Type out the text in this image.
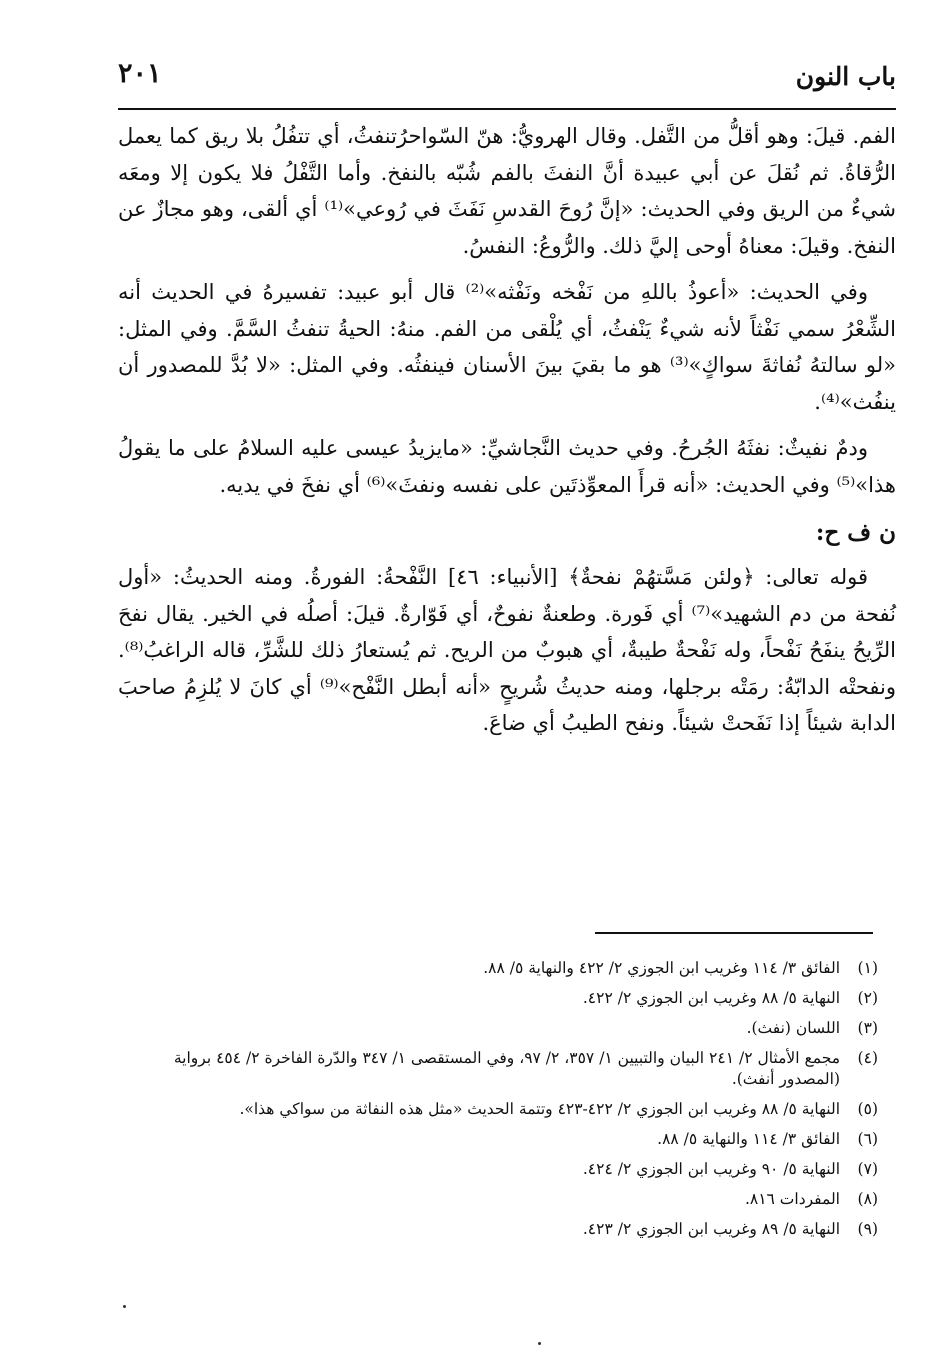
باب النون
٢٠١

الفم. قيلَ: وهو أقلُّ من التَّفل. وقال الهرويُّ: هنّ السّواحرُتنفثُ، أي تتفُلُ بلا ريق كما يعمل الرُّقاةُ. ثم نُقلَ عن أبي عبيدة أنَّ النفثَ بالفم شُبّه بالنفخ. وأما التَّفْلُ فلا يكون إلا ومعَه شيءٌ من الريق وفي الحديث: «إنَّ رُوحَ القدسِ نَفَثَ في رُوعي»⁽¹⁾ أي ألقى، وهو مجازٌ عن النفخ. وقيلَ: معناهُ أوحى إليَّ ذلك. والرُّوعُ: النفسُ.

وفي الحديث: «أعوذُ باللهِ من نَفْخه ونَفْثه»⁽²⁾ قال أبو عبيد: تفسيرهُ في الحديث أنه الشِّعْرُ سمي نَفْثاً لأنه شيءٌ يَنْفثُ، أي يُلْقى من الفم. منهُ: الحيةُ تنفثُ السَّمَّ. وفي المثل: «لو سالتهُ نُفاثةَ سواكٍ»⁽³⁾ هو ما بقيَ بينَ الأسنان فينفثُه. وفي المثل: «لا بُدَّ للمصدور أن ينفُث»⁽⁴⁾.

ودمٌ نفيثٌ: نفثَهُ الجُرحُ. وفي حديث النَّجاشيِّ: «مايزيدُ عيسى عليه السلامُ على ما يقولُ هذا»⁽⁵⁾ وفي الحديث: «أنه قرأَ المعوِّذتَين على نفسه ونفثَ»⁽⁶⁾ أي نفخَ في يديه.

ن ف ح:

قوله تعالى: ﴿ولئن مَسَّتهُمْ نفحةٌ﴾ [الأنبياء: ٤٦] النَّفْحةُ: الفورةُ. ومنه الحديثُ: «أول نُفحة من دم الشهيد»⁽⁷⁾ أي فَورة. وطعنةٌ نفوحٌ، أي فَوّارةٌ. قيلَ: أصلُه في الخير. يقال نفحَ الرِّيحُ ينفَحُ نَفْحاً، وله نَفْحةٌ طيبةٌ، أي هبوبٌ من الريح. ثم يُستعارُ ذلك للشَّرِّ، قاله الراغبُ⁽⁸⁾. ونفحتْه الدابّةُ: رمَتْه برجلها، ومنه حديثُ شُريحٍ «أنه أبطل النَّفْح»⁽⁹⁾ أي كانَ لا يُلزِمُ صاحبَ الدابة شيئاً إذا نَفَحتْ شيئاً. ونفح الطيبُ أي ضاعَ.

(١)
الفائق ٣/ ١١٤ وغريب ابن الجوزي ٢/ ٤٢٢ والنهاية ٥/ ٨٨.
(٢)
النهاية ٥/ ٨٨ وغريب ابن الجوزي ٢/ ٤٢٢.
(٣)
اللسان (نفث).
(٤)
مجمع الأمثال ٢/ ٢٤١ البيان والتبيين ١/ ٣٥٧، ٢/ ٩٧، وفي المستقصى ١/ ٣٤٧ والدّرة الفاخرة ٢/ ٤٥٤ برواية (المصدور أنفث).
(٥)
النهاية ٥/ ٨٨ وغريب ابن الجوزي ٢/ ٤٢٢-٤٢٣ وتتمة الحديث «مثل هذه النفاثة من سواكي هذا».
(٦)
الفائق ٣/ ١١٤ والنهاية ٥/ ٨٨.
(٧)
النهاية ٥/ ٩٠ وغريب ابن الجوزي ٢/ ٤٢٤.
(٨)
المفردات ٨١٦.
(٩)
النهاية ٥/ ٨٩ وغريب ابن الجوزي ٢/ ٤٢٣.
